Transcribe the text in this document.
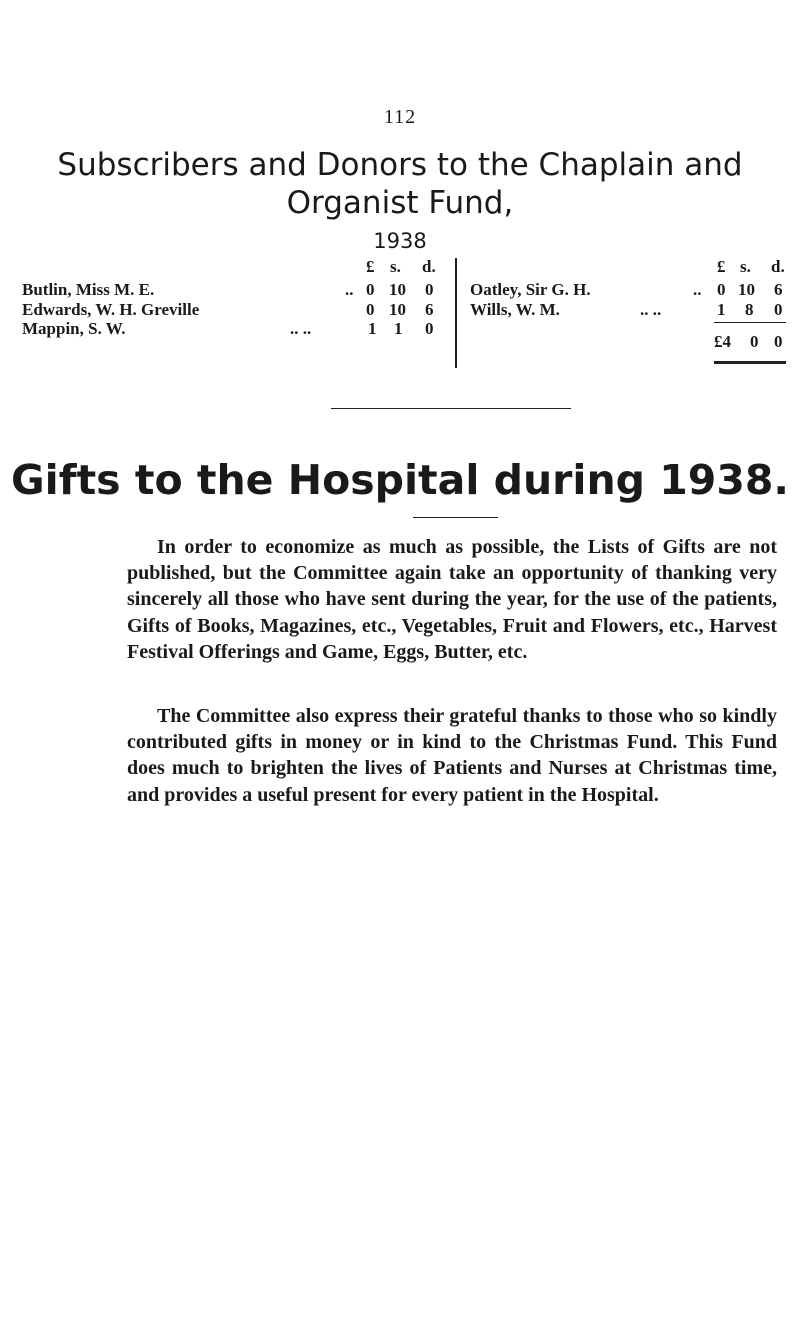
112
Subscribers and Donors to the Chaplain and
Organist Fund,
1938
£ s. d.
Butlin, Miss M. E.	.. 0 10 0
Edwards, W. H. Greville	0 10 6
Mappin, S. W.	.. ..	1 1 0
£ s. d.
Oatley, Sir G. H.	.. 0 10 6
Wills, W. M.	.. ..	1 8 0
£4 0 0
Gifts to the Hospital during 1938.

In order to economize as much as possible, the Lists of Gifts are not published, but the Committee again take an opportunity of thanking very sincerely all those who have sent during the year, for the use of the patients, Gifts of Books, Magazines, etc., Vegetables, Fruit and Flowers, etc., Harvest Festival Offerings and Game, Eggs, Butter, etc.

The Committee also express their grateful thanks to those who so kindly contributed gifts in money or in kind to the Christmas Fund. This Fund does much to brighten the lives of Patients and Nurses at Christmas time, and provides a useful present for every patient in the Hospital.
